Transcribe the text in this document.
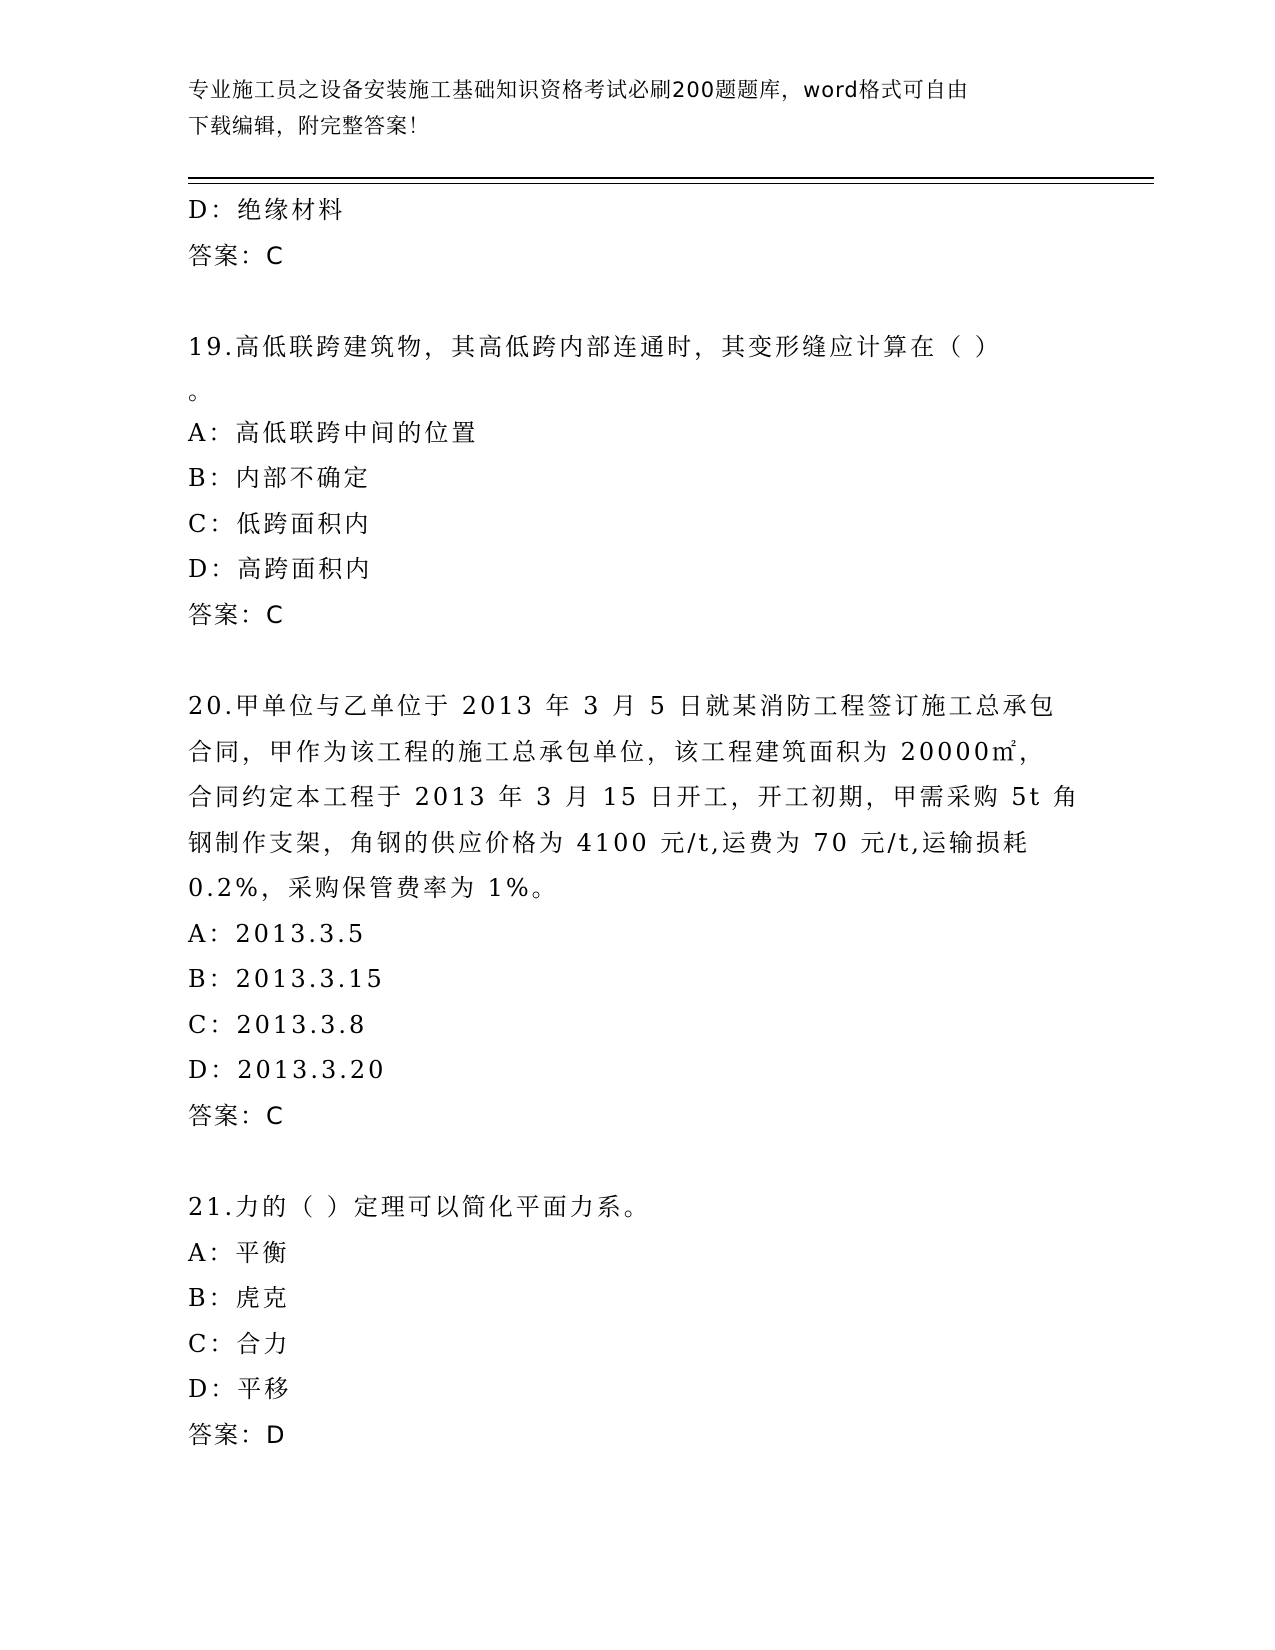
专业施工员之设备安装施工基础知识资格考试必刷200题题库，word格式可自由
下载编辑，附完整答案！
D：绝缘材料
答案：C
19.高低联跨建筑物，其高低跨内部连通时，其变形缝应计算在（ ）
。
A：高低联跨中间的位置
B：内部不确定
C：低跨面积内
D：高跨面积内
答案：C
20.甲单位与乙单位于 2013 年 3 月 5 日就某消防工程签订施工总承包
合同，甲作为该工程的施工总承包单位，该工程建筑面积为 20000㎡，
合同约定本工程于 2013 年 3 月 15 日开工，开工初期，甲需采购 5t 角
钢制作支架，角钢的供应价格为 4100 元/t,运费为 70 元/t,运输损耗
0.2%，采购保管费率为 1%。
A：2013.3.5
B：2013.3.15
C：2013.3.8
D：2013.3.20
答案：C
21.力的（ ）定理可以简化平面力系。
A：平衡
B：虎克
C：合力
D：平移
答案：D
